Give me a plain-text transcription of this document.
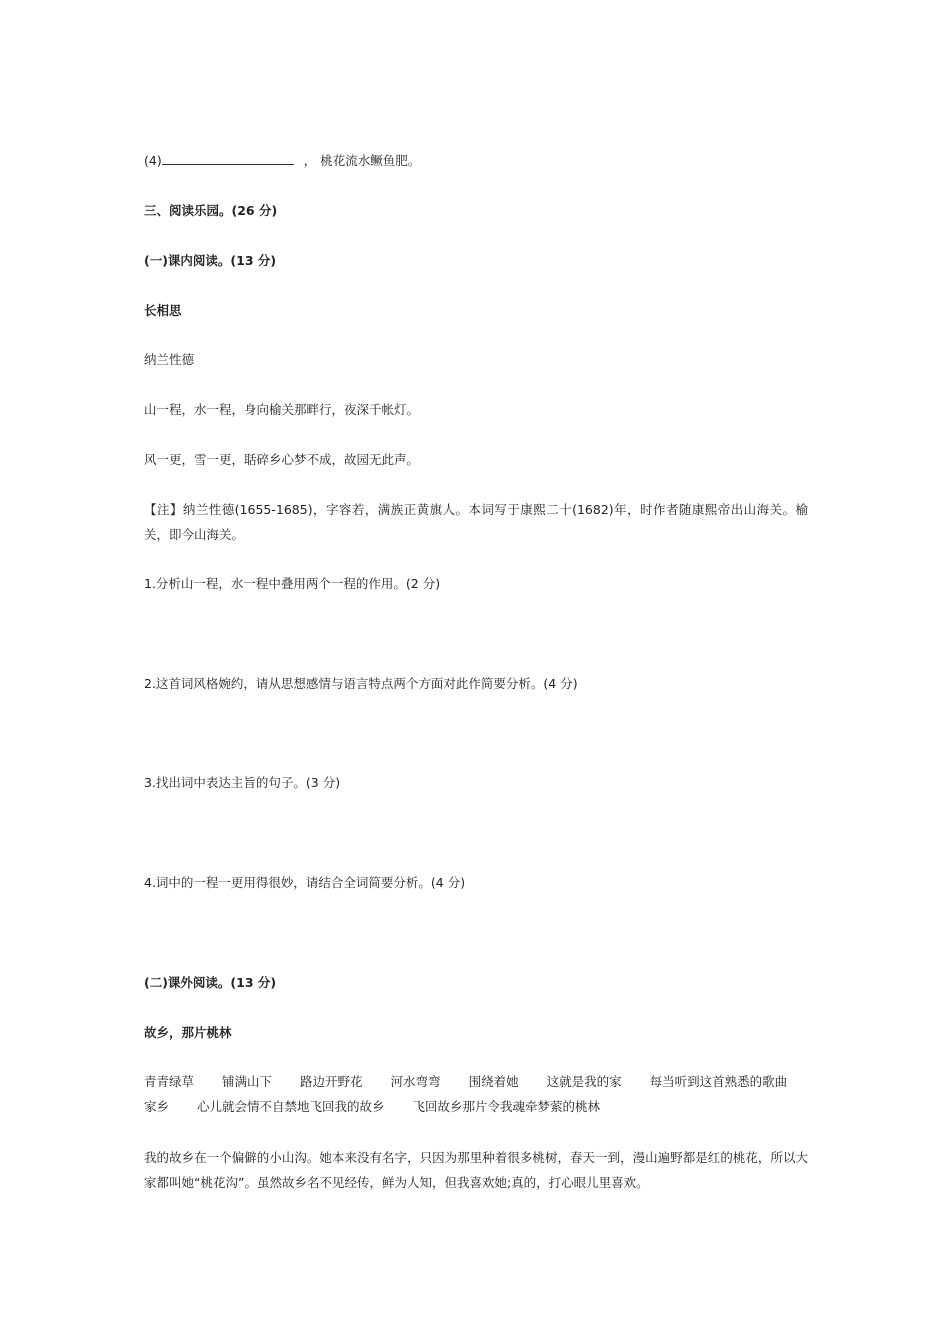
(4)	， 桃花流水鳜鱼肥。
三、阅读乐园。(26 分)
(一)课内阅读。(13 分)
长相思
纳兰性德
山一程，水一程，身向榆关那畔行，夜深千帐灯。
风一更，雪一更，聒碎乡心梦不成，故园无此声。
【注】纳兰性德(1655-1685)，字容若，满族正黄旗人。本词写于康熙二十(1682)年，时作者随康熙帝出山海关。榆关，即今山海关。
1.分析山一程，水一程中叠用两个一程的作用。(2 分)
2.这首词风格婉约，请从思想感情与语言特点两个方面对此作简要分析。(4 分)
3.找出词中表达主旨的句子。(3 分)
4.词中的一程一更用得很妙，请结合全词简要分析。(4 分)
(二)课外阅读。(13 分)
故乡，那片桃林
青青绿草 铺满山下 路边开野花 河水弯弯 围绕着她 这就是我的家 每当听到这首熟悉的歌曲
家乡 心儿就会情不自禁地飞回我的故乡 飞回故乡那片令我魂牵梦萦的桃林
我的故乡在一个偏僻的小山沟。她本来没有名字，只因为那里种着很多桃树，春天一到，漫山遍野都是红的桃花，所以大家都叫她“桃花沟”。虽然故乡名不见经传，鲜为人知，但我喜欢她;真的，打心眼儿里喜欢。
